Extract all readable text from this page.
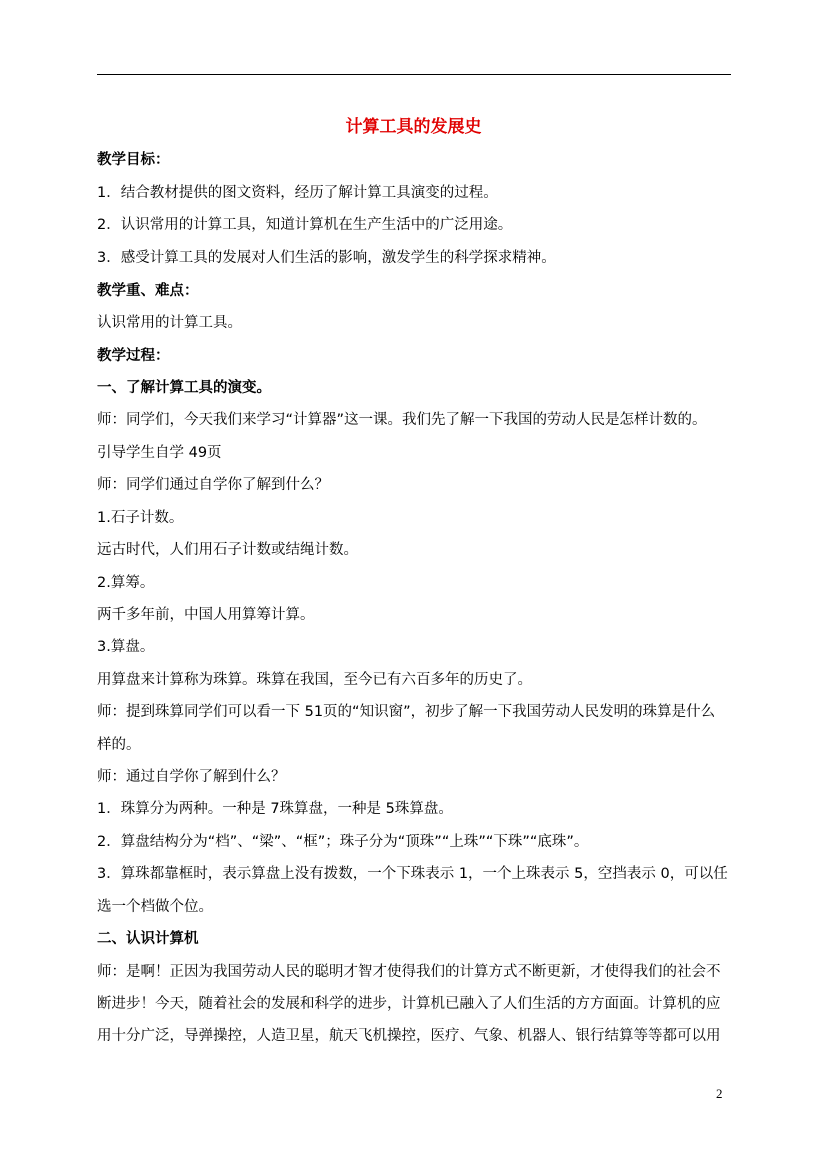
计算工具的发展史
教学目标：
1．结合教材提供的图文资料，经历了解计算工具演变的过程。
2．认识常用的计算工具，知道计算机在生产生活中的广泛用途。
3．感受计算工具的发展对人们生活的影响，激发学生的科学探求精神。
教学重、难点：
认识常用的计算工具。
教学过程：
一、了解计算工具的演变。
师：同学们，今天我们来学习“计算器”这一课。我们先了解一下我国的劳动人民是怎样计数的。
引导学生自学 49页
师：同学们通过自学你了解到什么？
1.石子计数。
远古时代，人们用石子计数或结绳计数。
2.算筹。
两千多年前，中国人用算筹计算。
3.算盘。
用算盘来计算称为珠算。珠算在我国，至今已有六百多年的历史了。
师：提到珠算同学们可以看一下 51页的“知识窗”，初步了解一下我国劳动人民发明的珠算是什么
样的。
师：通过自学你了解到什么？
1．珠算分为两种。一种是 7珠算盘，一种是 5珠算盘。
2．算盘结构分为“档”、“梁”、“框”；珠子分为“顶珠”“上珠”“下珠”“底珠”。
3．算珠都靠框时，表示算盘上没有拨数，一个下珠表示 1，一个上珠表示 5，空挡表示 0，可以任
选一个档做个位。
二、认识计算机
师：是啊！正因为我国劳动人民的聪明才智才使得我们的计算方式不断更新，才使得我们的社会不
断进步！今天，随着社会的发展和科学的进步，计算机已融入了人们生活的方方面面。计算机的应
用十分广泛，导弹操控，人造卫星，航天飞机操控，医疗、气象、机器人、银行结算等等都可以用
2
